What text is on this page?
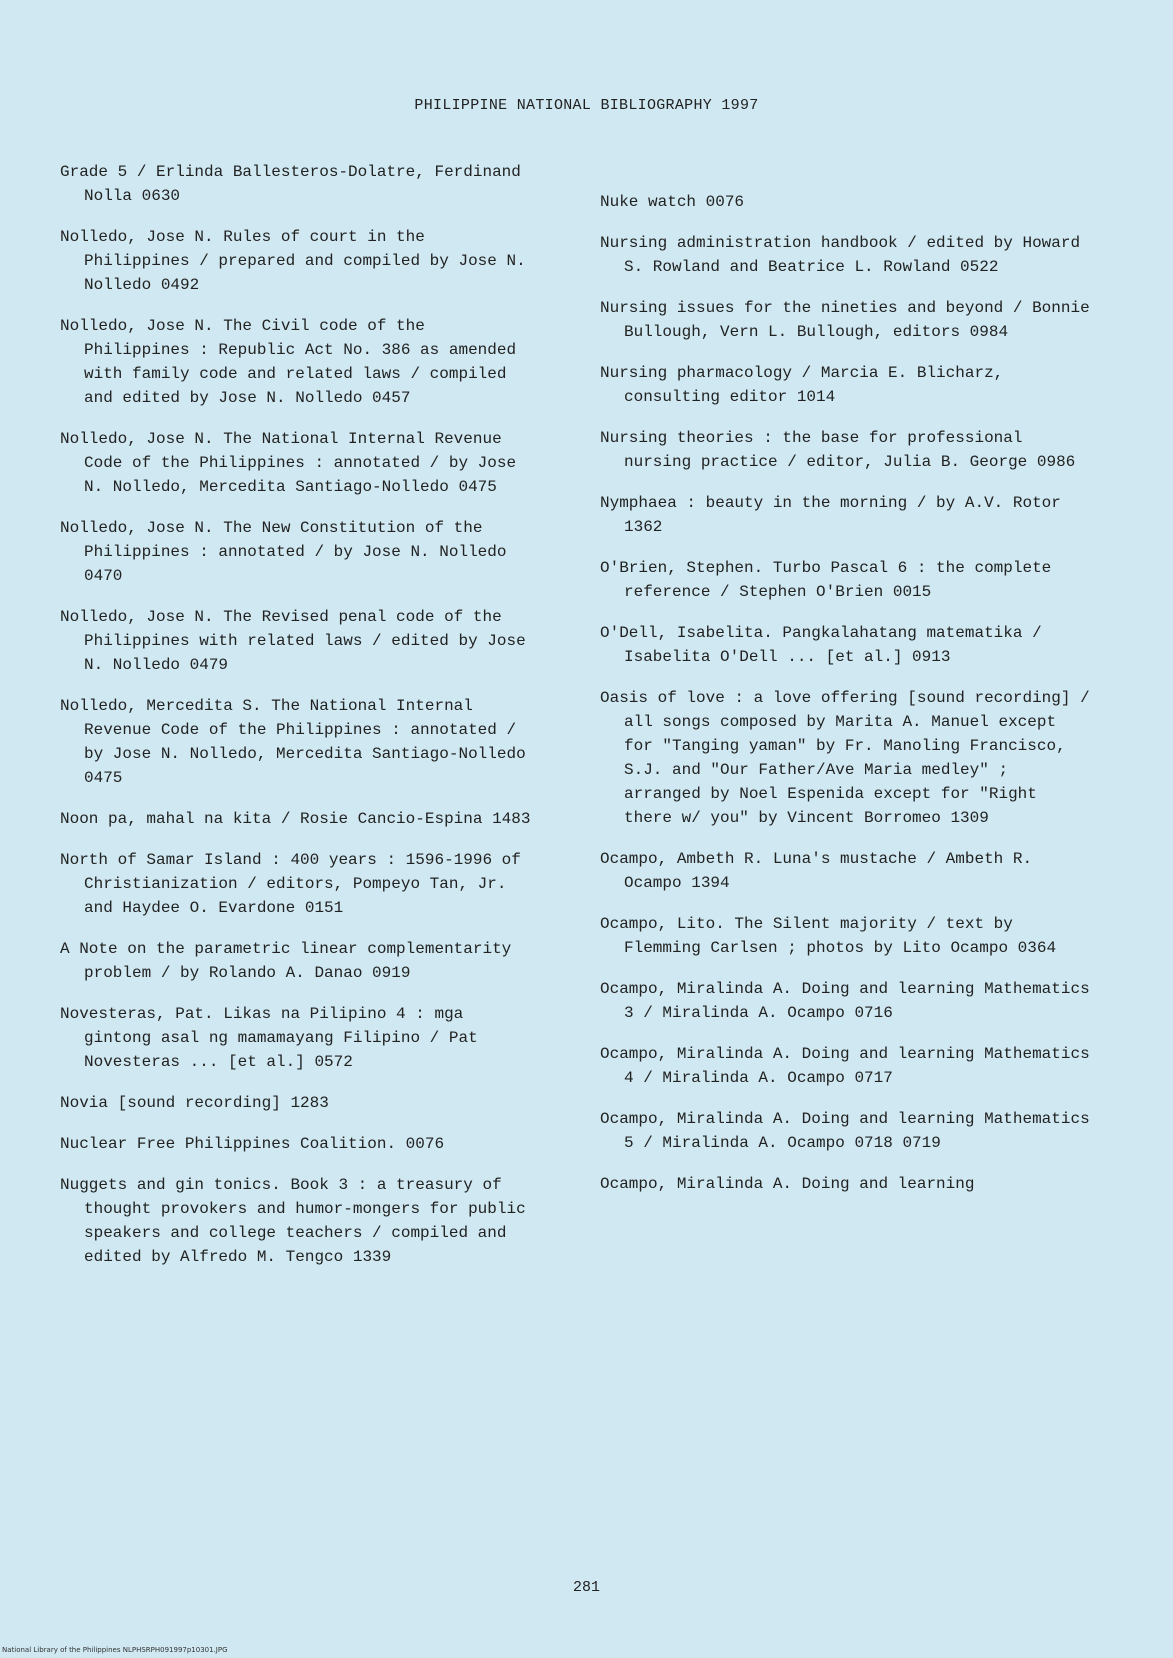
PHILIPPINE NATIONAL BIBLIOGRAPHY 1997
Grade 5 / Erlinda Ballesteros-Dolatre, Ferdinand Nolla 0630
Nolledo, Jose N. Rules of court in the Philippines / prepared and compiled by Jose N. Nolledo 0492
Nolledo, Jose N. The Civil code of the Philippines : Republic Act No. 386 as amended with family code and related laws / compiled and edited by Jose N. Nolledo 0457
Nolledo, Jose N. The National Internal Revenue Code of the Philippines : annotated / by Jose N. Nolledo, Mercedita Santiago-Nolledo 0475
Nolledo, Jose N. The New Constitution of the Philippines : annotated / by Jose N. Nolledo 0470
Nolledo, Jose N. The Revised penal code of the Philippines with related laws / edited by Jose N. Nolledo 0479
Nolledo, Mercedita S. The National Internal Revenue Code of the Philippines : annotated / by Jose N. Nolledo, Mercedita Santiago-Nolledo 0475
Noon pa, mahal na kita / Rosie Cancio-Espina 1483
North of Samar Island : 400 years : 1596-1996 of Christianization / editors, Pompeyo Tan, Jr. and Haydee O. Evardone 0151
A Note on the parametric linear complementarity problem / by Rolando A. Danao 0919
Novesteras, Pat. Likas na Pilipino 4 : mga gintong asal ng mamamayang Filipino / Pat Novesteras ... [et al.] 0572
Novia [sound recording] 1283
Nuclear Free Philippines Coalition. 0076
Nuggets and gin tonics. Book 3 : a treasury of thought provokers and humor-mongers for public speakers and college teachers / compiled and edited by Alfredo M. Tengco 1339
Nuke watch 0076
Nursing administration handbook / edited by Howard S. Rowland and Beatrice L. Rowland 0522
Nursing issues for the nineties and beyond / Bonnie Bullough, Vern L. Bullough, editors 0984
Nursing pharmacology / Marcia E. Blicharz, consulting editor 1014
Nursing theories : the base for professional nursing practice / editor, Julia B. George 0986
Nymphaea : beauty in the morning / by A.V. Rotor 1362
O'Brien, Stephen. Turbo Pascal 6 : the complete reference / Stephen O'Brien 0015
O'Dell, Isabelita. Pangkalahatang matematika / Isabelita O'Dell ... [et al.] 0913
Oasis of love : a love offering [sound recording] / all songs composed by Marita A. Manuel except for "Tanging yaman" by Fr. Manoling Francisco, S.J. and "Our Father/Ave Maria medley" ; arranged by Noel Espenida except for "Right there w/ you" by Vincent Borromeo 1309
Ocampo, Ambeth R. Luna's mustache / Ambeth R. Ocampo 1394
Ocampo, Lito. The Silent majority / text by Flemming Carlsen ; photos by Lito Ocampo 0364
Ocampo, Miralinda A. Doing and learning Mathematics 3 / Miralinda A. Ocampo 0716
Ocampo, Miralinda A. Doing and learning Mathematics 4 / Miralinda A. Ocampo 0717
Ocampo, Miralinda A. Doing and learning Mathematics 5 / Miralinda A. Ocampo 0718 0719
Ocampo, Miralinda A. Doing and learning
281
National Library of the Philippines NLPHSRPH091997p10301.JPG
